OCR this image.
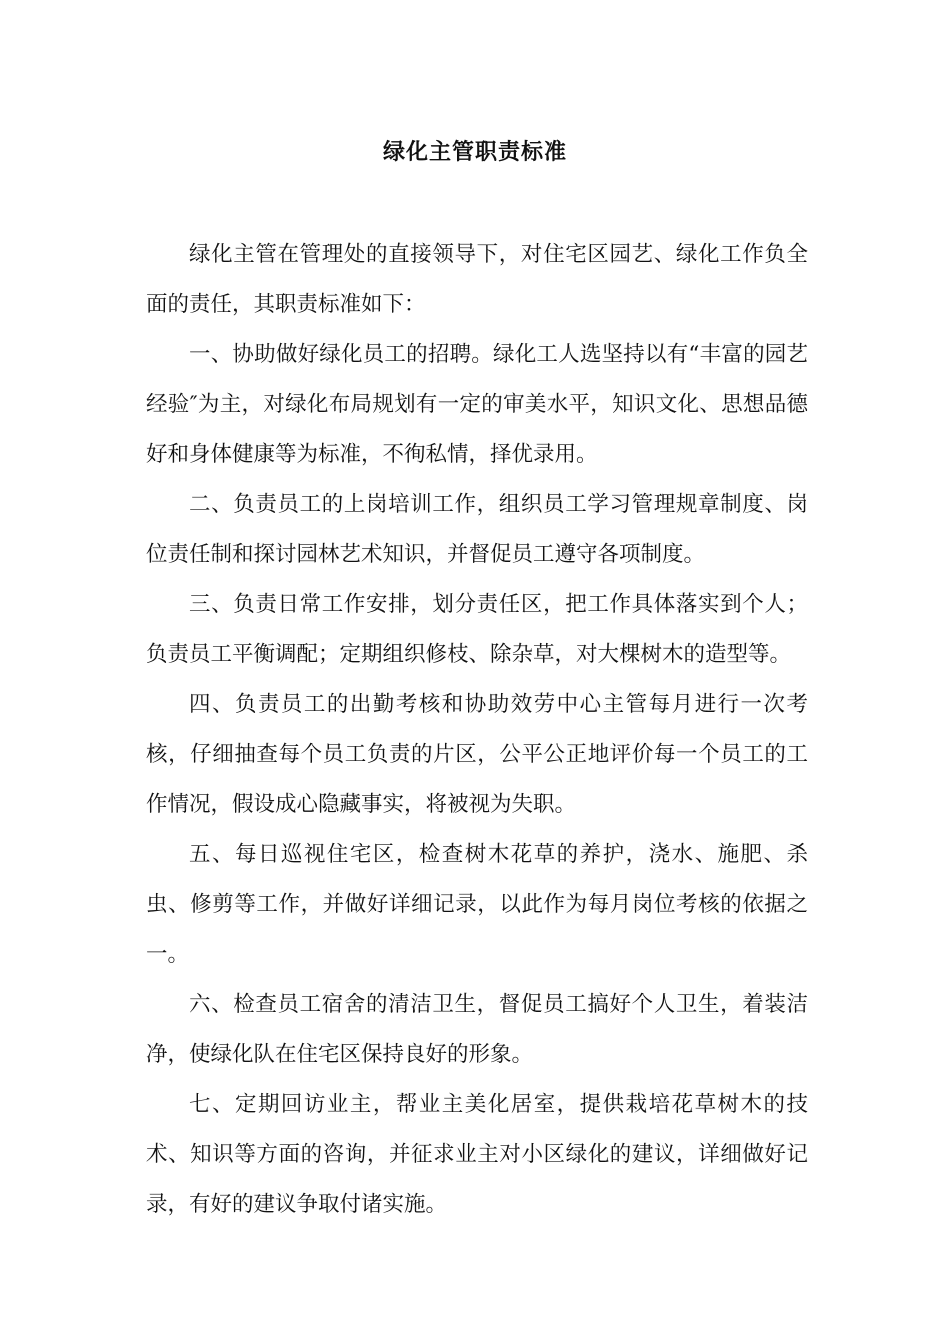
绿化主管职责标准

绿化主管在管理处的直接领导下，对住宅区园艺、绿化工作负全面的责任，其职责标准如下：

一、协助做好绿化员工的招聘。绿化工人选坚持以有“丰富的园艺经验″为主，对绿化布局规划有一定的审美水平，知识文化、思想品德好和身体健康等为标准，不徇私情，择优录用。

二、负责员工的上岗培训工作，组织员工学习管理规章制度、岗位责任制和探讨园林艺术知识，并督促员工遵守各项制度。

三、负责日常工作安排，划分责任区，把工作具体落实到个人；负责员工平衡调配；定期组织修枝、除杂草，对大棵树木的造型等。

四、负责员工的出勤考核和协助效劳中心主管每月进行一次考核，仔细抽查每个员工负责的片区，公平公正地评价每一个员工的工作情况，假设成心隐藏事实，将被视为失职。

五、每日巡视住宅区，检查树木花草的养护，浇水、施肥、杀虫、修剪等工作，并做好详细记录，以此作为每月岗位考核的依据之一。

六、检查员工宿舍的清洁卫生，督促员工搞好个人卫生，着装洁净，使绿化队在住宅区保持良好的形象。

七、定期回访业主，帮业主美化居室，提供栽培花草树木的技术、知识等方面的咨询，并征求业主对小区绿化的建议，详细做好记录，有好的建议争取付诸实施。
